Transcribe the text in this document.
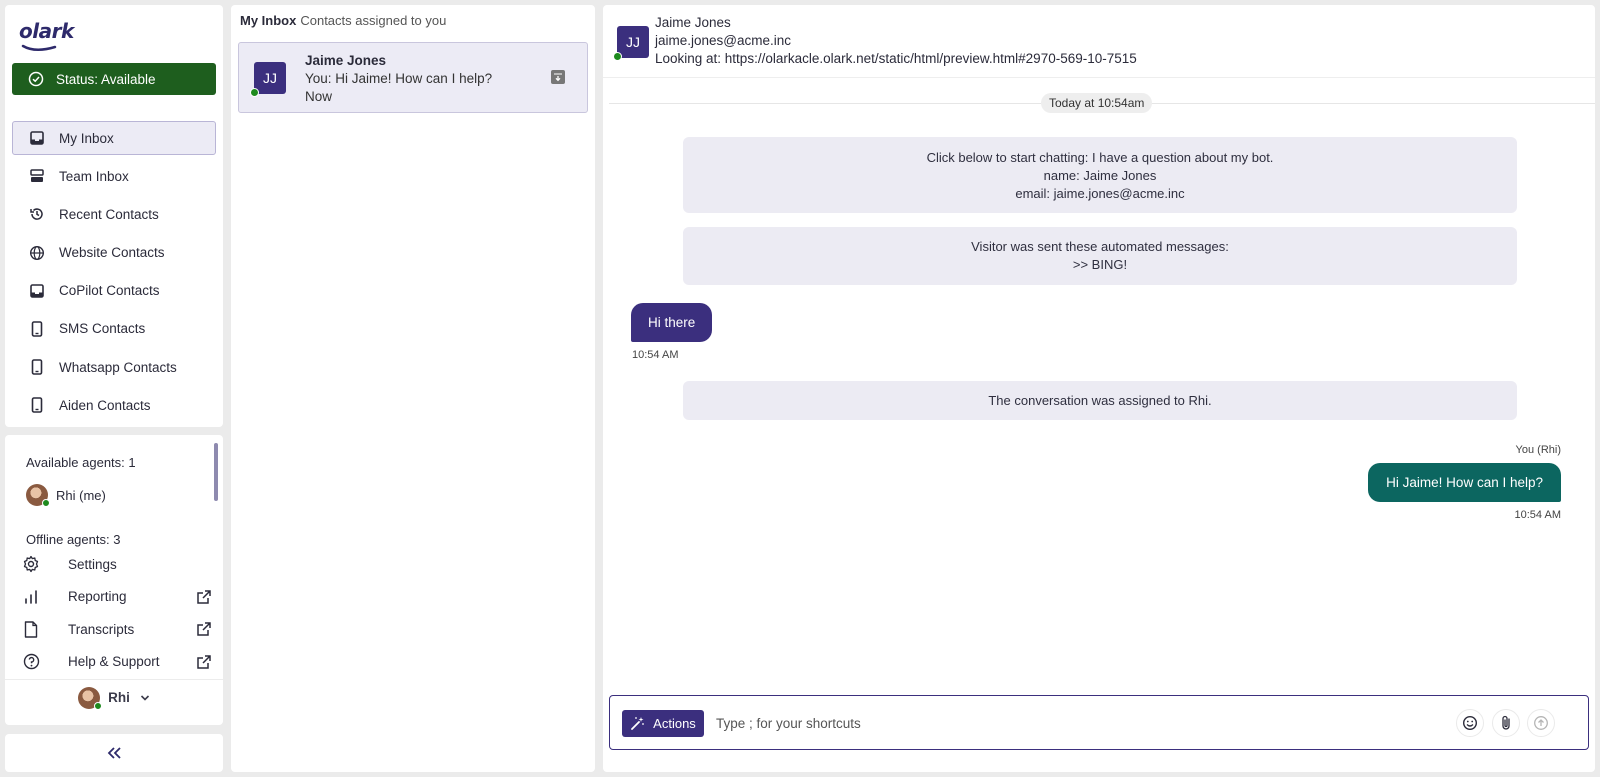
olark
Status: Available
My Inbox
Team Inbox
Recent Contacts
Website Contacts
CoPilot Contacts
SMS Contacts
Whatsapp Contacts
Aiden Contacts
Available agents: 1
Rhi (me)
Offline agents: 3
Settings
Reporting
Transcripts
Help & Support
Rhi
My Inbox Contacts assigned to you
JJ
Jaime Jones
You: Hi Jaime! How can I help?
Now
JJ
Jaime Jones
jaime.jones@acme.inc
Looking at: https://olarkacle.olark.net/static/html/preview.html#2970-569-10-7515
Today at 10:54am
Click below to start chatting: I have a question about my bot.
name: Jaime Jones
email: jaime.jones@acme.inc
Visitor was sent these automated messages:
>> BING!
Hi there
10:54 AM
The conversation was assigned to Rhi.
You (Rhi)
Hi Jaime! How can I help?
10:54 AM
Actions
Type ; for your shortcuts
